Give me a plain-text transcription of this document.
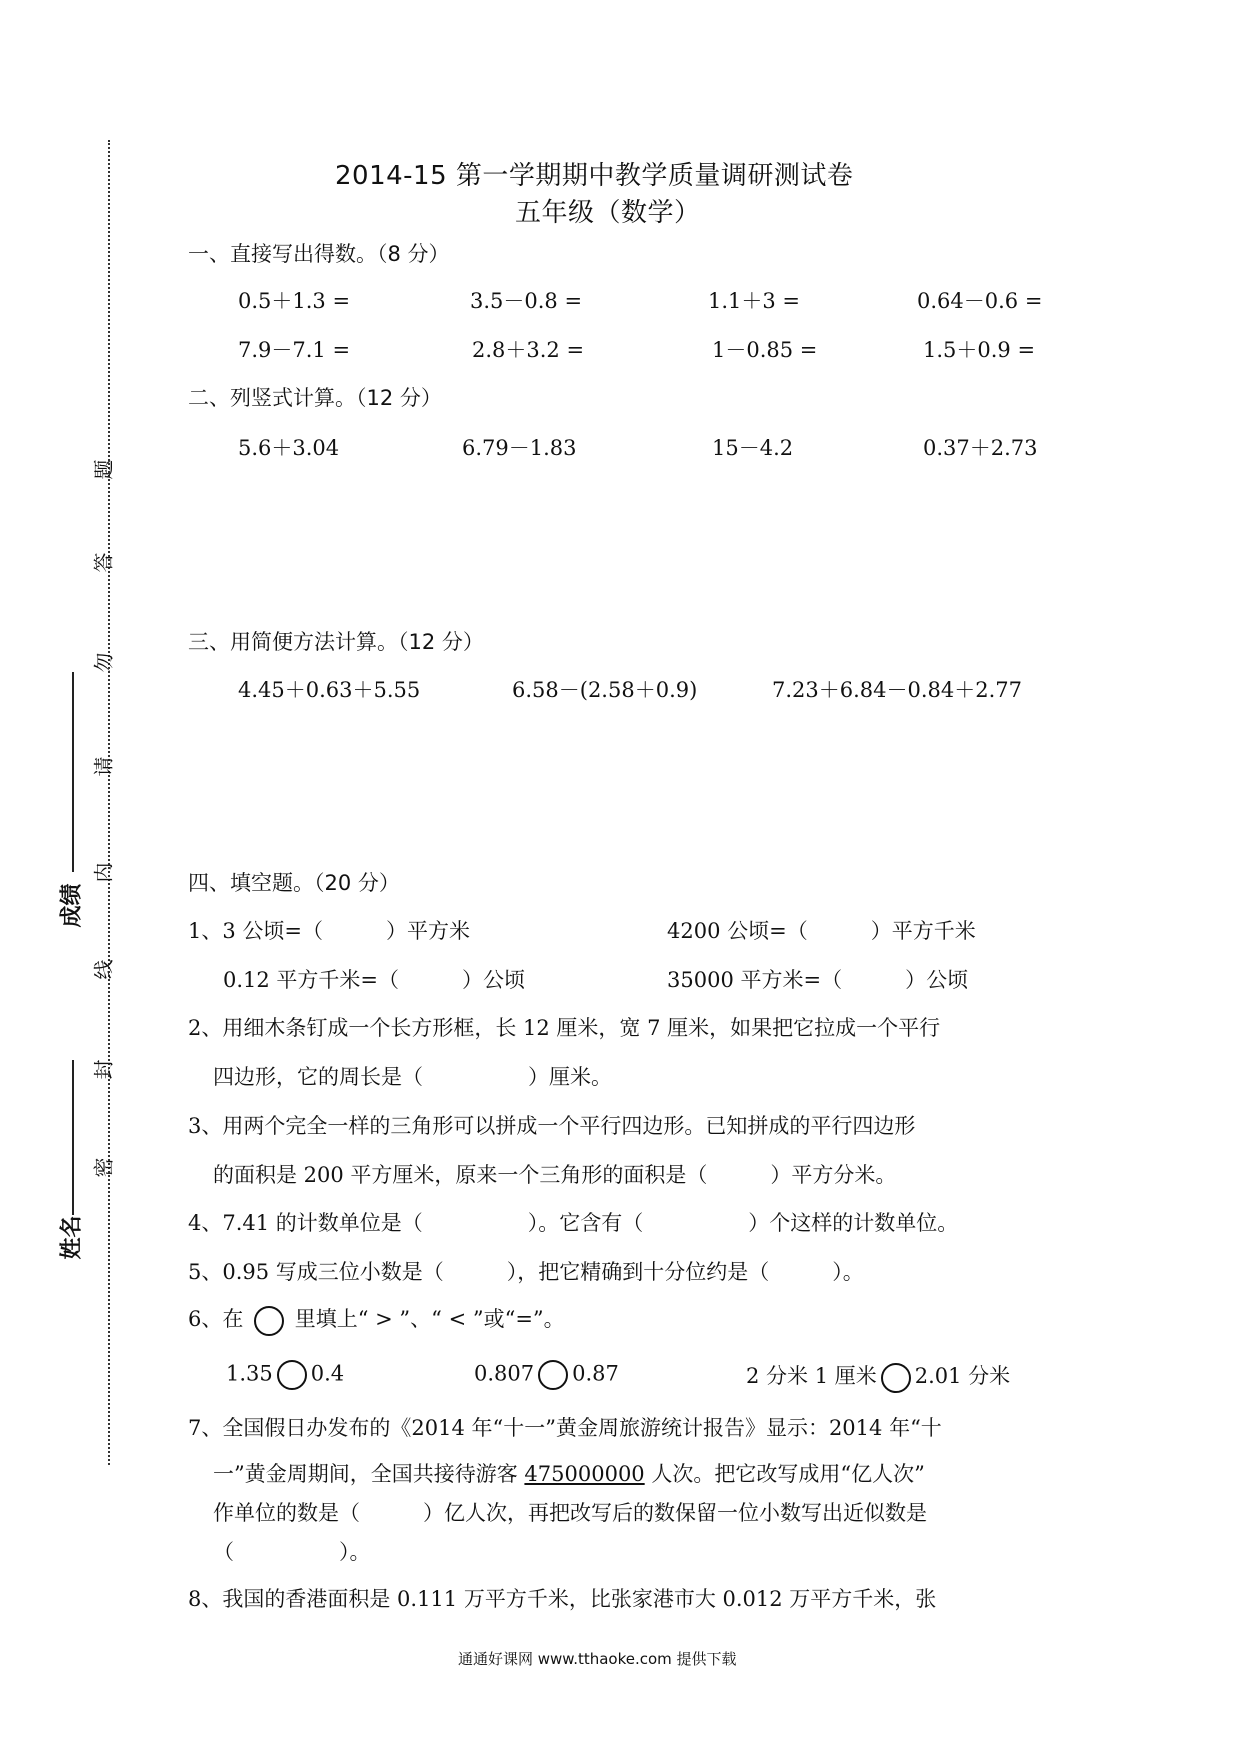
题
答
勿
请
内
线
封
密
成绩
姓名
2014-15 第一学期期中教学质量调研测试卷
五年级（数学）
一、直接写出得数。（8 分）
0.5＋1.3 =	3.5－0.8 =	1.1＋3 =	0.64－0.6 =
7.9－7.1 =	2.8＋3.2 =	1－0.85 =	1.5＋0.9 =
二、列竖式计算。（12 分）
5.6＋3.04	6.79－1.83	15－4.2	0.37＋2.73
三、用简便方法计算。（12 分）
4.45＋0.63＋5.55	6.58－(2.58＋0.9)	7.23＋6.84－0.84＋2.77
四、填空题。（20 分）
1、3 公顷=（　　　）平方米	4200 公顷=（　　　）平方千米
0.12 平方千米=（　　　）公顷	35000 平方米=（　　　）公顷
2、用细木条钉成一个长方形框，长 12 厘米，宽 7 厘米，如果把它拉成一个平行
四边形，它的周长是（　　　　　）厘米。
3、用两个完全一样的三角形可以拼成一个平行四边形。已知拼成的平行四边形
的面积是 200 平方厘米，原来一个三角形的面积是（　　　）平方分米。
4、7.41 的计数单位是（　　　　　）。它含有（　　　　　）个这样的计数单位。
5、0.95 写成三位小数是（　　　），把它精确到十分位约是（　　　）。
6、在 里填上“ > ”、“ < ”或“=”。
1.35 0.4	0.807 0.87	2 分米 1 厘米 2.01 分米
7、全国假日办发布的《2014 年“十一”黄金周旅游统计报告》显示：2014 年“十
一”黄金周期间，全国共接待游客 475000000 人次。把它改写成用“亿人次”
作单位的数是（　　　）亿人次，再把改写后的数保留一位小数写出近似数是
（　　　　　）。
8、我国的香港面积是 0.111 万平方千米，比张家港市大 0.012 万平方千米，张
通通好课网 www.tthaoke.com 提供下载
